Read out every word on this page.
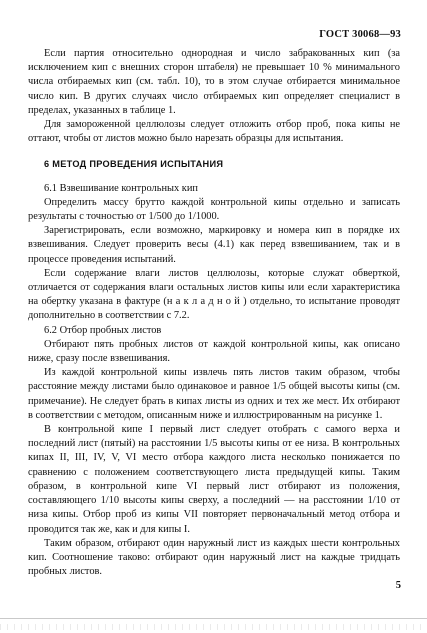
ГОСТ 30068—93

Если партия относительно однородная и число забракованных кип (за исключением кип с внешних сторон штабеля) не превышает 10 % минимального числа отбираемых кип (см. табл. 10), то в этом случае отбирается минимальное число кип. В других случаях число отбираемых кип определяет специалист в пределах, указанных в таблице 1.

Для замороженной целлюлозы следует отложить отбор проб, пока кипы не оттают, чтобы от листов можно было нарезать образцы для испытания.

6 МЕТОД ПРОВЕДЕНИЯ ИСПЫТАНИЯ

6.1 Взвешивание контрольных кип

Определить массу брутто каждой контрольной кипы отдельно и записать результаты с точностью от 1/500 до 1/1000.

Зарегистрировать, если возможно, маркировку и номера кип в порядке их взвешивания. Следует проверить весы (4.1) как перед взвешиванием, так и в процессе проведения испытаний.

Если содержание влаги листов целлюлозы, которые служат обверткой, отличается от содержания влаги остальных листов кипы или если характеристика на обертку указана в фактуре (н а к л а д н о й ) отдельно, то испытание проводят дополнительно в соответствии с 7.2.

6.2 Отбор пробных листов

Отбирают пять пробных листов от каждой контрольной кипы, как описано ниже, сразу после взвешивания.

Из каждой контрольной кипы извлечь пять листов таким образом, чтобы расстояние между листами было одинаковое и равное 1/5 общей высоты кипы (см. примечание). Не следует брать в кипах листы из одних и тех же мест. Их отбирают в соответствии с методом, описанным ниже и иллюстрированным на рисунке 1.

В контрольной кипе I первый лист следует отобрать с самого верха и последний лист (пятый) на расстоянии 1/5 высоты кипы от ее низа. В контрольных кипах II, III, IV, V, VI место отбора каждого листа несколько понижается по сравнению с положением соответствующего листа предыдущей кипы. Таким образом, в контрольной кипе VI первый лист отбирают из положения, составляющего 1/10 высоты кипы сверху, а последний — на расстоянии 1/10 от низа кипы. Отбор проб из кипы VII повторяет первоначальный метод отбора и проводится так же, как и для кипы I.

Таким образом, отбирают один наружный лист из каждых шести контрольных кип. Соотношение таково: отбирают один наружный лист на каждые тридцать пробных листов.

5
